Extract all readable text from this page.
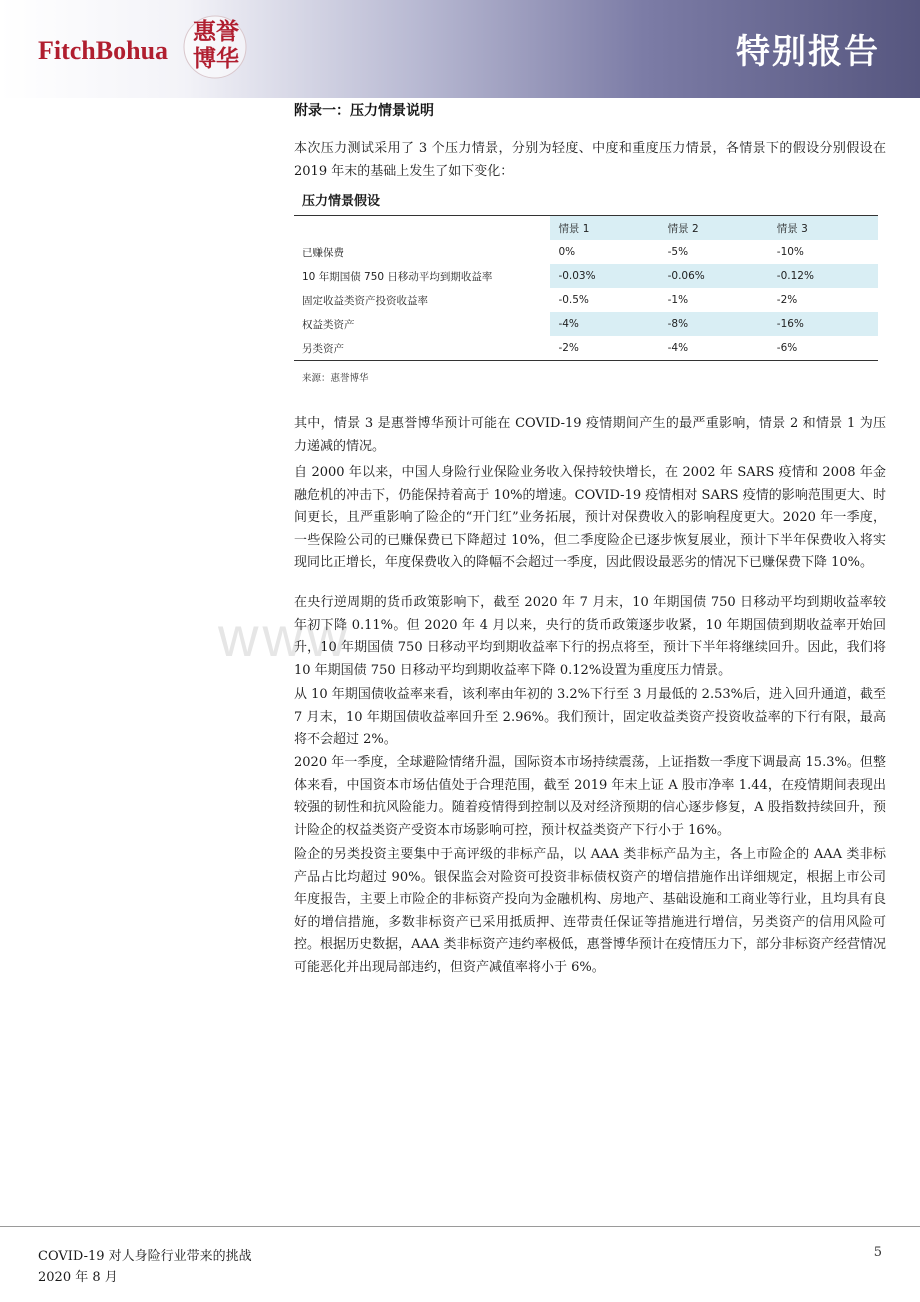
FitchBohua
惠誉博华	特别报告
www
附录一：压力情景说明

本次压力测试采用了 3 个压力情景，分别为轻度、中度和重度压力情景，各情景下的假设分别假设在 2019 年末的基础上发生了如下变化：

压力情景假设
	情景 1	情景 2	情景 3
已赚保费	0%	-5%	-10%
10 年期国债 750 日移动平均到期收益率	-0.03%	-0.06%	-0.12%
固定收益类资产投资收益率	-0.5%	-1%	-2%
权益类资产	-4%	-8%	-16%
另类资产	-2%	-4%	-6%
来源：惠誉博华

其中，情景 3 是惠誉博华预计可能在 COVID-19 疫情期间产生的最严重影响，情景 2 和情景 1 为压力递减的情况。

自 2000 年以来，中国人身险行业保险业务收入保持较快增长，在 2002 年 SARS 疫情和 2008 年金融危机的冲击下，仍能保持着高于 10%的增速。COVID-19 疫情相对 SARS 疫情的影响范围更大、时间更长，且严重影响了险企的“开门红”业务拓展，预计对保费收入的影响程度更大。2020 年一季度，一些保险公司的已赚保费已下降超过 10%，但二季度险企已逐步恢复展业，预计下半年保费收入将实现同比正增长，年度保费收入的降幅不会超过一季度，因此假设最恶劣的情况下已赚保费下降 10%。

在央行逆周期的货币政策影响下，截至 2020 年 7 月末，10 年期国债 750 日移动平均到期收益率较年初下降 0.11%。但 2020 年 4 月以来，央行的货币政策逐步收紧，10 年期国债到期收益率开始回升，10 年期国债 750 日移动平均到期收益率下行的拐点将至，预计下半年将继续回升。因此，我们将 10 年期国债 750 日移动平均到期收益率下降 0.12%设置为重度压力情景。

从 10 年期国债收益率来看，该利率由年初的 3.2%下行至 3 月最低的 2.53%后，进入回升通道，截至 7 月末，10 年期国债收益率回升至 2.96%。我们预计，固定收益类资产投资收益率的下行有限，最高将不会超过 2%。

2020 年一季度，全球避险情绪升温，国际资本市场持续震荡，上证指数一季度下调最高 15.3%。但整体来看，中国资本市场估值处于合理范围，截至 2019 年末上证 A 股市净率 1.44，在疫情期间表现出较强的韧性和抗风险能力。随着疫情得到控制以及对经济预期的信心逐步修复，A 股指数持续回升，预计险企的权益类资产受资本市场影响可控，预计权益类资产下行小于 16%。

险企的另类投资主要集中于高评级的非标产品，以 AAA 类非标产品为主，各上市险企的 AAA 类非标产品占比均超过 90%。银保监会对险资可投资非标债权资产的增信措施作出详细规定，根据上市公司年度报告，主要上市险企的非标资产投向为金融机构、房地产、基础设施和工商业等行业，且均具有良好的增信措施，多数非标资产已采用抵质押、连带责任保证等措施进行增信，另类资产的信用风险可控。根据历史数据，AAA 类非标资产违约率极低，惠誉博华预计在疫情压力下，部分非标资产经营情况可能恶化并出现局部违约，但资产减值率将小于 6%。

COVID-19 对人身险行业带来的挑战
2020 年 8 月
5
